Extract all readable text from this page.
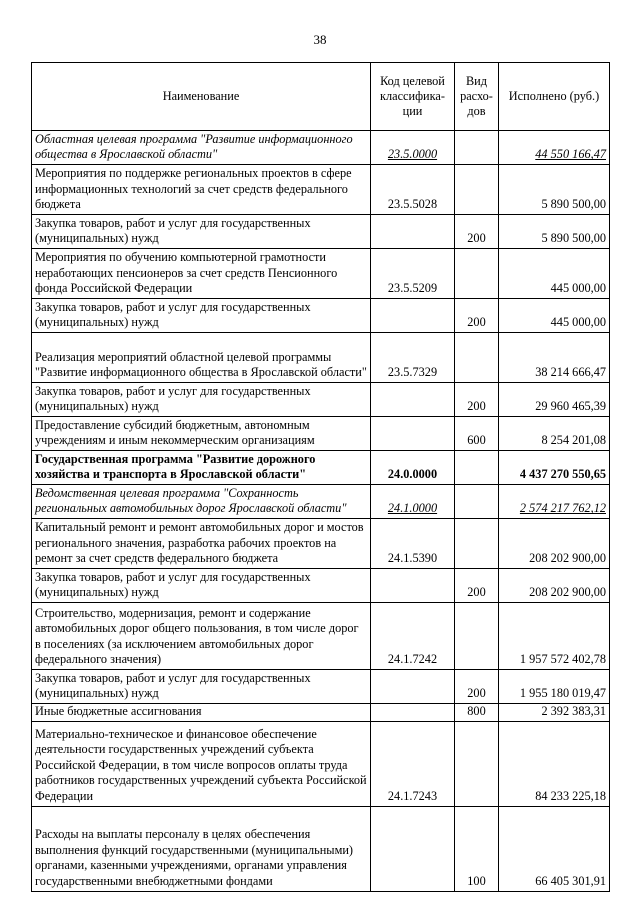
38
Наименование	Код целевой классифика-ции	Вид расхо-дов	Исполнено (руб.)
Областная целевая программа "Развитие информационного общества в Ярославской области"	23.5.0000		44 550 166,47
Мероприятия по поддержке региональных проектов в сфере информационных технологий за счет средств федерального бюджета	23.5.5028		5 890 500,00
Закупка товаров, работ и услуг для государственных (муниципальных) нужд		200	5 890 500,00
Мероприятия по обучению компьютерной грамотности неработающих пенсионеров за счет средств Пенсионного фонда Российской Федерации	23.5.5209		445 000,00
Закупка товаров, работ и услуг для государственных (муниципальных) нужд		200	445 000,00
Реализация мероприятий областной целевой программы "Развитие информационного общества в Ярославской области"	23.5.7329		38 214 666,47
Закупка товаров, работ и услуг для государственных (муниципальных) нужд		200	29 960 465,39
Предоставление субсидий бюджетным, автономным учреждениям и иным некоммерческим организациям		600	8 254 201,08
Государственная программа "Развитие дорожного хозяйства и транспорта в Ярославской области"	24.0.0000		4 437 270 550,65
Ведомственная целевая программа "Сохранность региональных автомобильных дорог Ярославской области"	24.1.0000		2 574 217 762,12
Капитальный ремонт и ремонт автомобильных дорог и мостов регионального значения, разработка рабочих проектов на ремонт за счет средств федерального бюджета	24.1.5390		208 202 900,00
Закупка товаров, работ и услуг для государственных (муниципальных) нужд		200	208 202 900,00
Строительство, модернизация, ремонт и содержание автомобильных дорог общего пользования, в том числе дорог в поселениях (за исключением автомобильных дорог федерального значения)	24.1.7242		1 957 572 402,78
Закупка товаров, работ и услуг для государственных (муниципальных) нужд		200	1 955 180 019,47
Иные бюджетные ассигнования		800	2 392 383,31
Материально-техническое и финансовое обеспечение деятельности государственных учреждений субъекта Российской Федерации, в том числе вопросов оплаты труда работников государственных учреждений субъекта Российской Федерации	24.1.7243		84 233 225,18
Расходы на выплаты персоналу в целях обеспечения выполнения функций государственными (муниципальными) органами, казенными учреждениями, органами управления государственными внебюджетными фондами		100	66 405 301,91
